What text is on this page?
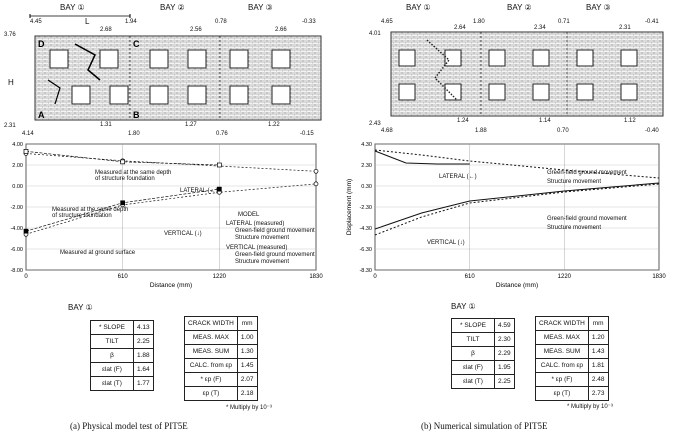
BAY ①	BAY ②	BAY ③
4.45	1.94	0.78	-0.33
3.76
2.31
H
L
D	C
A	B
2.68	2.56	2.66
1.31	1.27	1.22
4.14	1.80	0.76	-0.15
4.00
2.00
0.00
-2.00
-4.00
-6.00
-8.00
0	610	1220	1830
Distance (mm)
Measured at the same depth
of structure foundation
Measured at the same depth
of structure foundation
Measured at ground surface
LATERAL (←)
VERTICAL (↓)
MODEL
LATERAL (measured)
Green-field ground movement
Structure movement
VERTICAL (measured)
Green-field ground movement
Structure movement
BAY ①
* SLOPE	4.13
TILT	2.25
β	1.88
εlat (F)	1.64
εlat (T)	1.77
CRACK WIDTH	mm
MEAS. MAX	1.00
MEAS. SUM	1.30
CALC. from εp	1.45
* εp (F)	2.07
εp (T)	2.18
* Multiply by 10⁻³
(a) Physical model test of PIT5E
BAY ①	BAY ②	BAY ③
4.65	1.80	0.71	-0.41
4.01
2.43
2.64	2.34	2.31
1.24	1.14	1.12
4.68	1.88	0.70	-0.40
4.30
2.30
0.30
-2.30
-4.30
-6.30
-8.30
0	610	1220	1830
Distance (mm)
Displacement (mm)
LATERAL (←)
VERTICAL (↓)
Green-field ground movement
Structure movement
Green-field ground movement
Structure movement
BAY ①
* SLOPE	4.59
TILT	2.30
β	2.29
εlat (F)	1.95
εlat (T)	2.25
CRACK WIDTH	mm
MEAS. MAX	1.20
MEAS. SUM	1.43
CALC. from εp	1.81
* εp (F)	2.48
εp (T)	2.73
* Multiply by 10⁻³
(b) Numerical simulation of PIT5E
